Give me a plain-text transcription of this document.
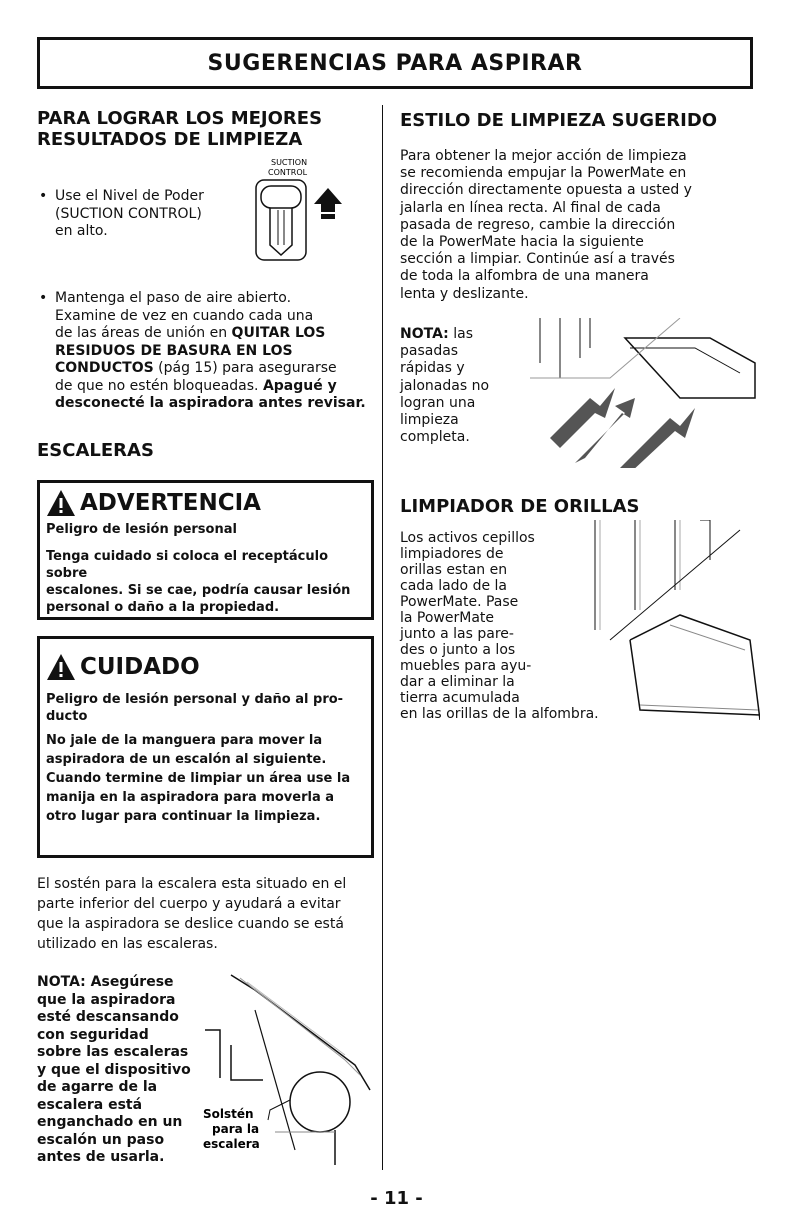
SUGERENCIAS PARA ASPIRAR

PARA LOGRAR LOS MEJORES

RESULTADOS DE LIMPIEZA

• Use el Nivel de Poder
(SUCTION CONTROL)
en alto.
SUCTION
CONTROL
• Mantenga el paso de aire abierto.
Examine de vez en cuando cada una
de las áreas de unión en QUITAR LOS
RESIDUOS DE BASURA EN LOS
CONDUCTOS (pág 15) para asegurarse
de que no estén bloqueadas. Apagué y
desconecté la aspiradora antes revisar.

ESCALERAS

ADVERTENCIA
Peligro de lesión personal
Tenga cuidado si coloca el receptáculo sobre
escalones. Si se cae, podría causar lesión
personal o daño a la propiedad.
CUIDADO
Peligro de lesión personal y daño al pro-
ducto
No jale de la manguera para mover la
aspiradora de un escalón al siguiente.
Cuando termine de limpiar un área use la
manija en la aspiradora para moverla a
otro lugar para continuar la limpieza.
El sostén para la escalera esta situado en el
parte inferior del cuerpo y ayudará a evitar
que la aspiradora se deslice cuando se está
utilizado en las escaleras.
NOTA: Asegúrese
que la aspiradora
esté descansando
con seguridad
sobre las escaleras
y que el dispositivo
de agarre de la
escalera está
enganchado en un
escalón un paso
antes de usarla.
Solstén
para la
escalera

ESTILO DE LIMPIEZA SUGERIDO

Para obtener la mejor acción de limpieza
se recomienda empujar la PowerMate en
dirección directamente opuesta a usted y
jalarla en línea recta. Al final de cada
pasada de regreso, cambie la dirección
de la PowerMate hacia la siguiente
sección a limpiar. Continúe así a través
de toda la alfombra de una manera
lenta y deslizante.
NOTA: las
pasadas
rápidas y
jalonadas no
logran una
limpieza
completa.

LIMPIADOR DE ORILLAS

Los activos cepillos
limpiadores de
orillas estan en
cada lado de la
PowerMate. Pase
la PowerMate
junto a las pare-
des o junto a los
muebles para ayu-
dar a eliminar la
tierra acumulada
en las orillas de la alfombra.
- 11 -
